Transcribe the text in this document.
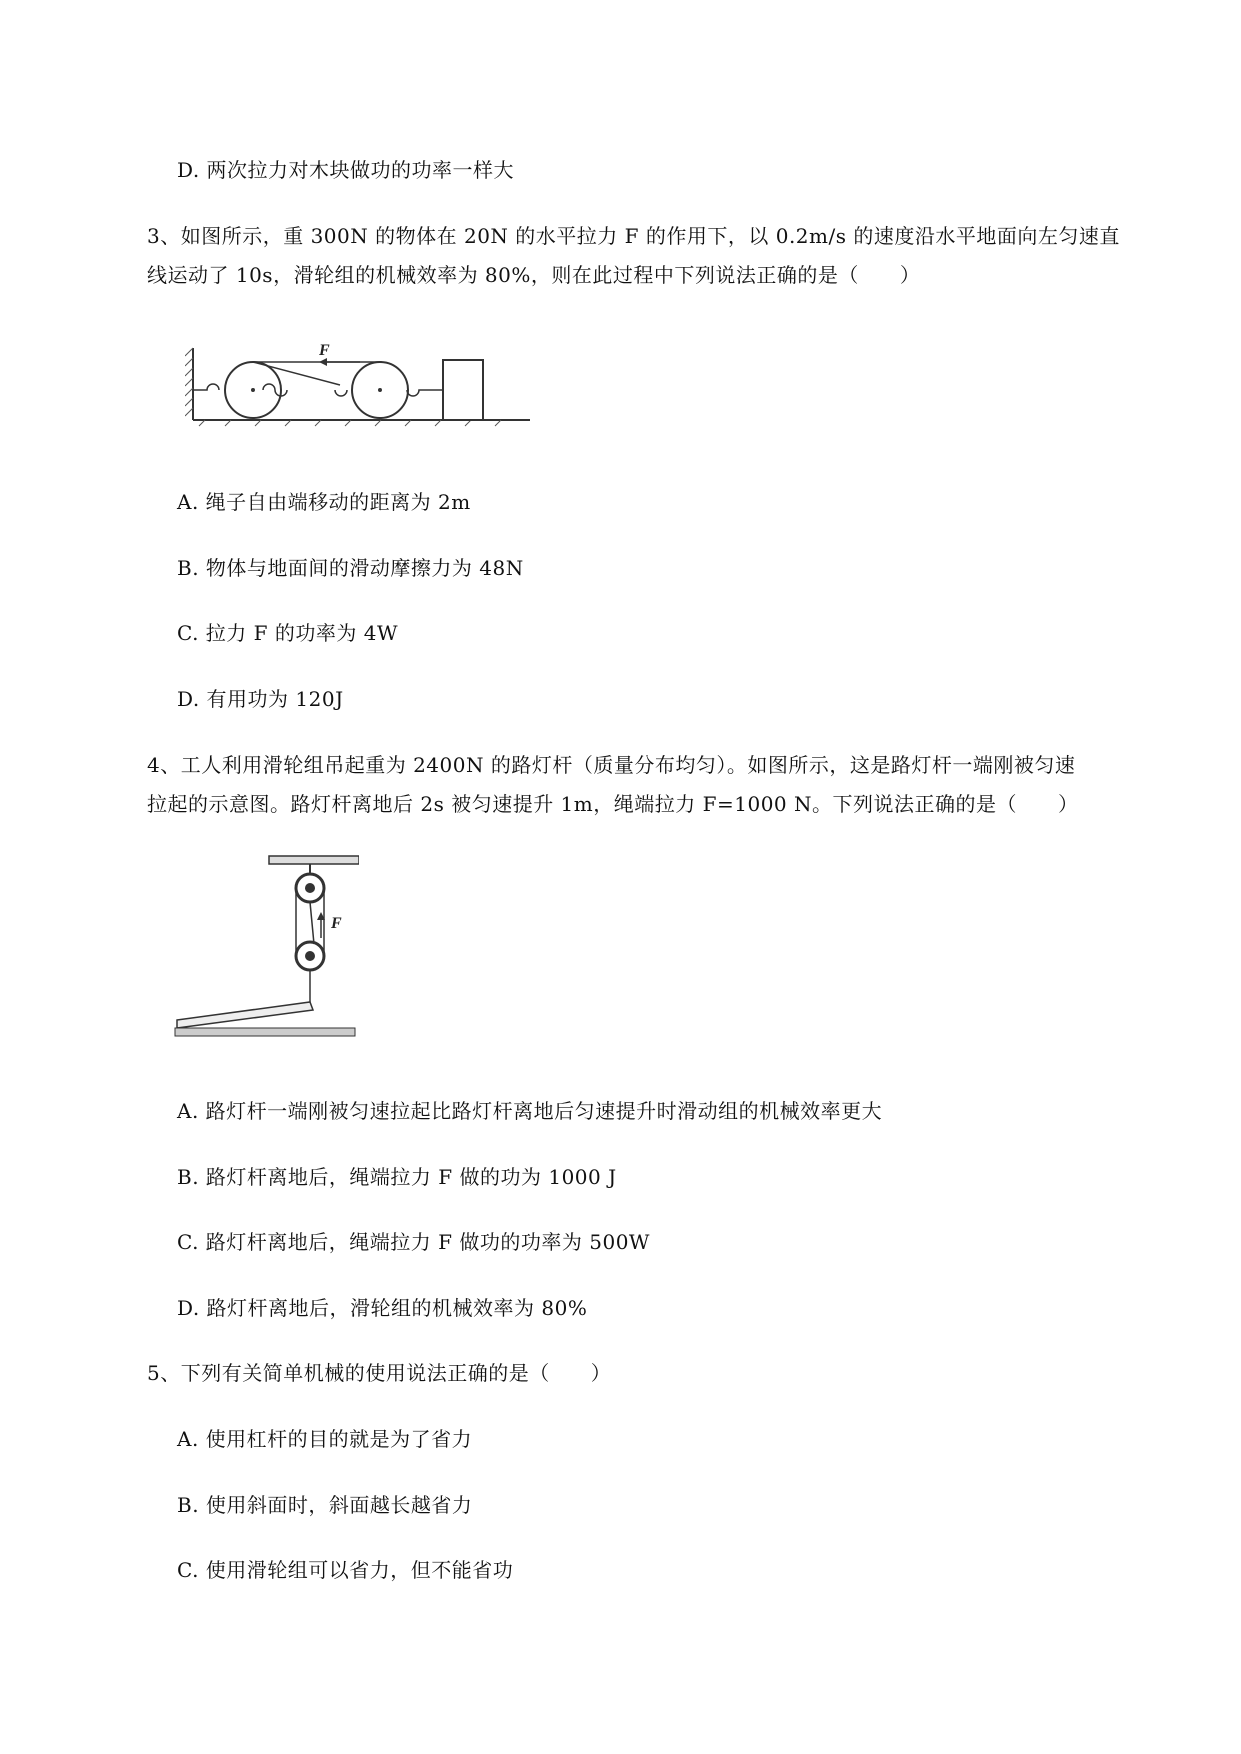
D. 两次拉力对木块做功的功率一样大
3、如图所示，重 300N 的物体在 20N 的水平拉力 F 的作用下，以 0.2m/s 的速度沿水平地面向左匀速直
线运动了 10s，滑轮组的机械效率为 80%，则在此过程中下列说法正确的是（　　）
F
A. 绳子自由端移动的距离为 2m
B. 物体与地面间的滑动摩擦力为 48N
C. 拉力 F 的功率为 4W
D. 有用功为 120J
4、工人利用滑轮组吊起重为 2400N 的路灯杆（质量分布均匀）。如图所示，这是路灯杆一端刚被匀速
拉起的示意图。路灯杆离地后 2s 被匀速提升 1m，绳端拉力 F=1000 N。下列说法正确的是（　　）
F
A. 路灯杆一端刚被匀速拉起比路灯杆离地后匀速提升时滑动组的机械效率更大
B. 路灯杆离地后，绳端拉力 F 做的功为 1000 J
C. 路灯杆离地后，绳端拉力 F 做功的功率为 500W
D. 路灯杆离地后，滑轮组的机械效率为 80%
5、下列有关简单机械的使用说法正确的是（　　）
A. 使用杠杆的目的就是为了省力
B. 使用斜面时，斜面越长越省力
C. 使用滑轮组可以省力，但不能省功
